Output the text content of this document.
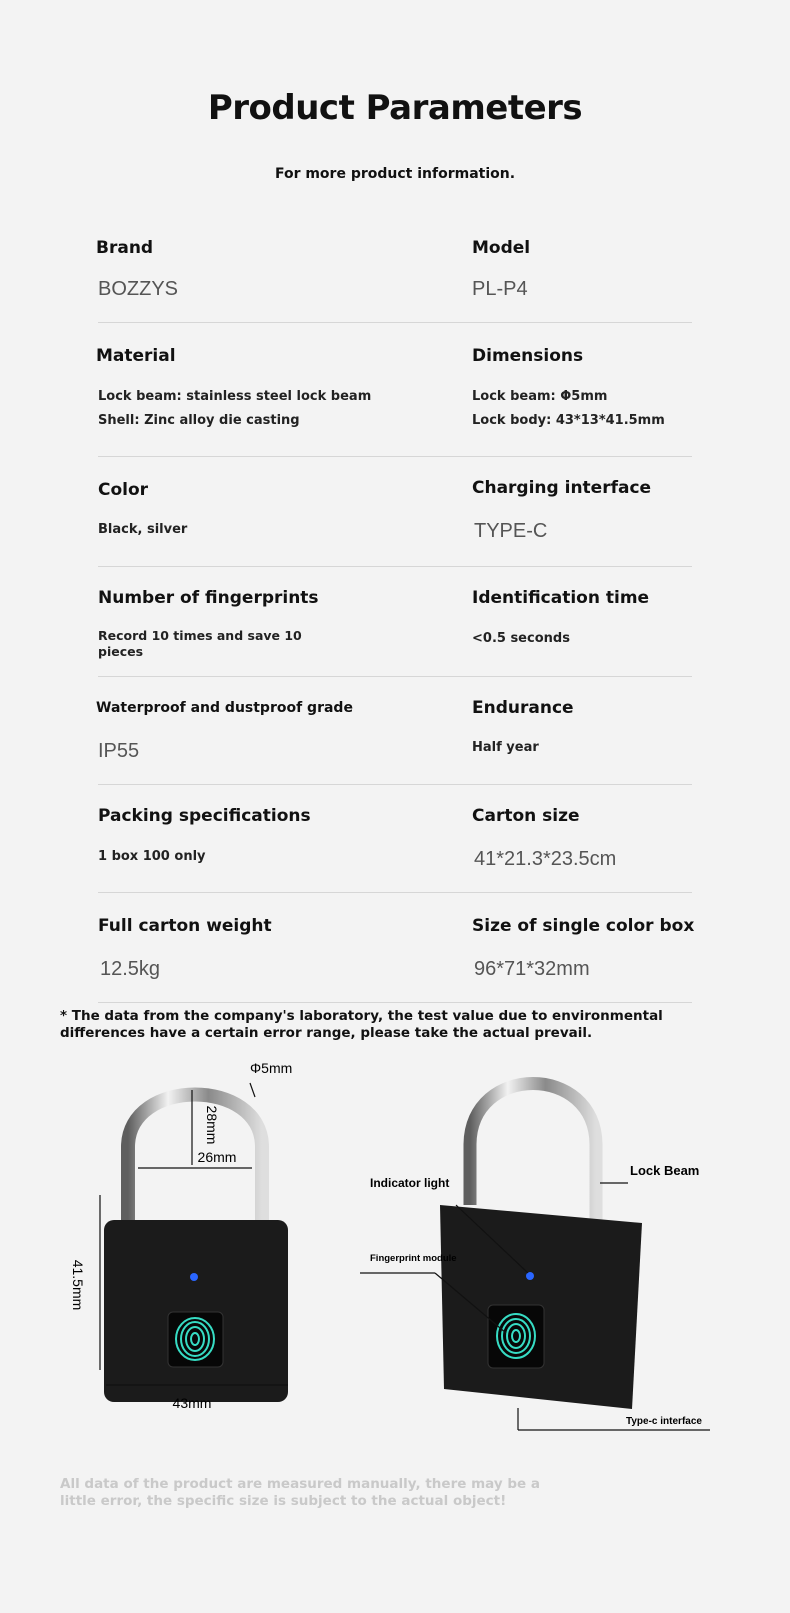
Product Parameters
For more product information.
Brand
BOZZYS
Model
PL-P4
Material
Lock beam: stainless steel lock beam
Shell: Zinc alloy die casting
Dimensions
Lock beam: Φ5mm
Lock body: 43*13*41.5mm
Color
Black, silver
Charging interface
TYPE-C
Number of fingerprints
Record 10 times and save 10 pieces
Identification time
<0.5 seconds
Waterproof and dustproof grade
IP55
Endurance
Half year
Packing specifications
1 box 100 only
Carton size
41*21.3*23.5cm
Full carton weight
12.5kg
Size of single color box
96*71*32mm
* The data from the company's laboratory, the test value due to environmental differences have a certain error range, please take the actual prevail.
28mm
26mm
Φ5mm
41.5mm
43mm
Indicator light
Fingerprint module
Lock Beam
Type-c interface
All data of the product are measured manually, there may be a little error, the specific size is subject to the actual object!
